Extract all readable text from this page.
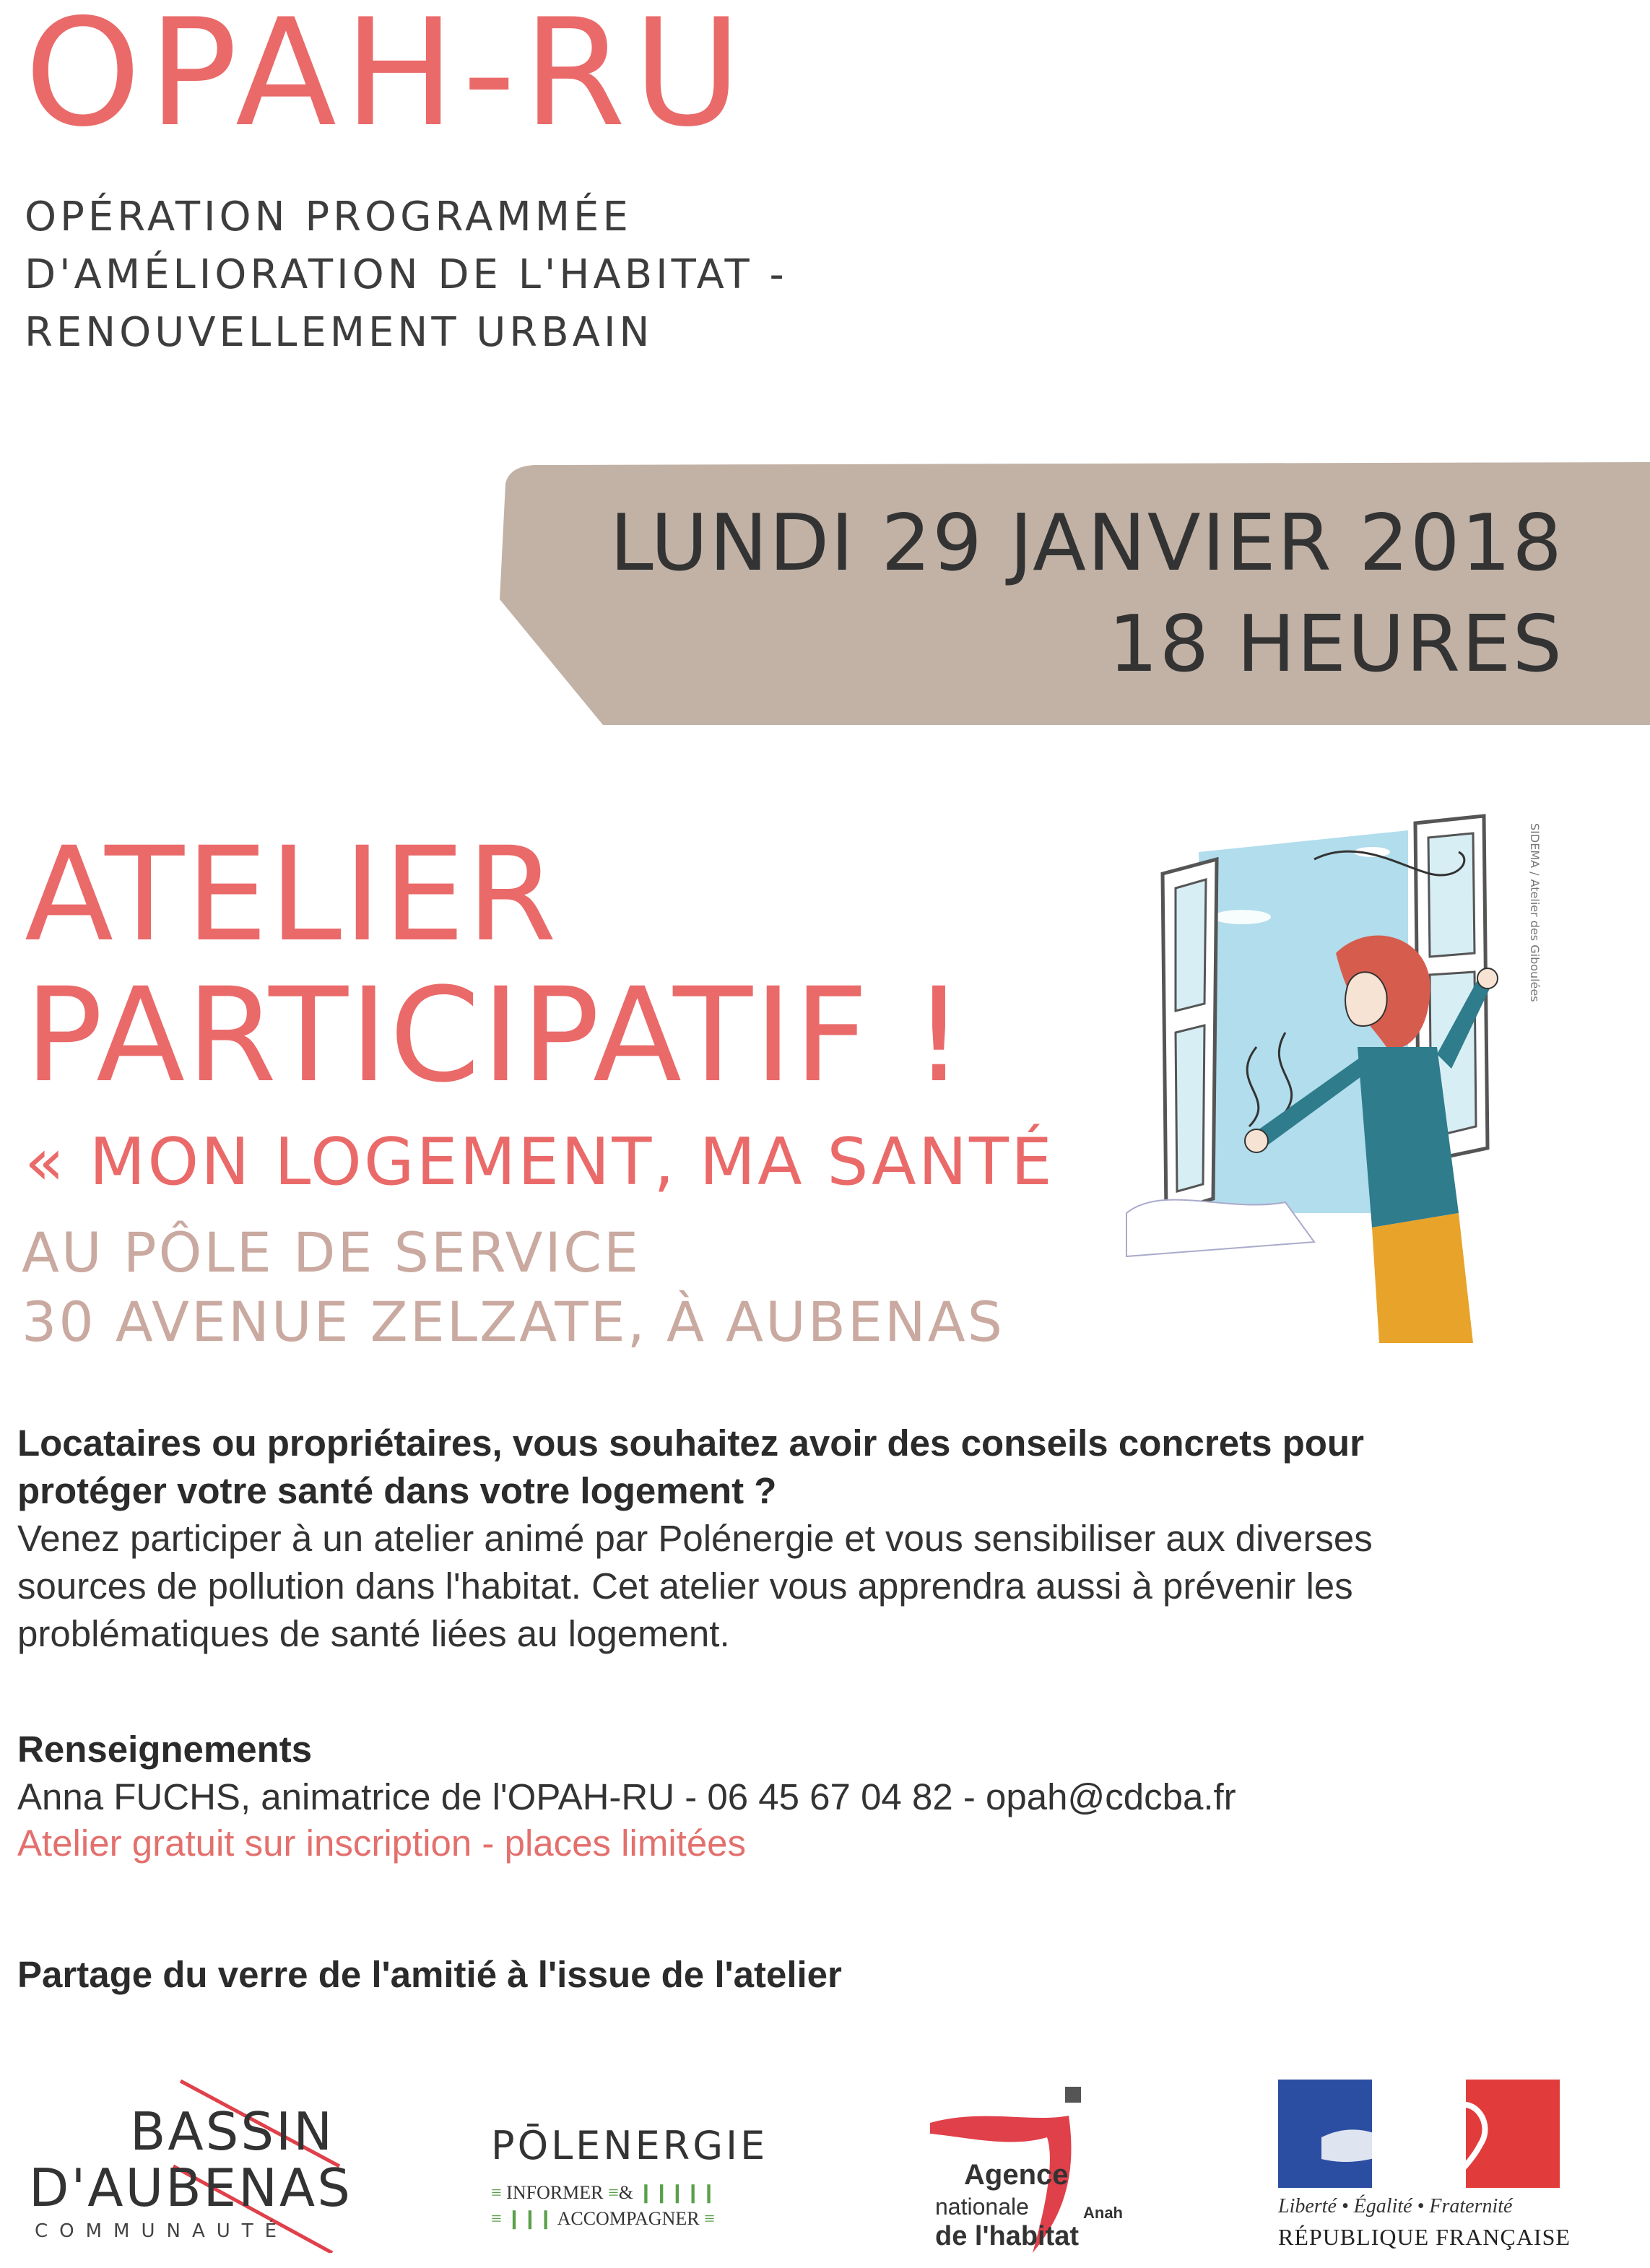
OPAH-RU
OPÉRATION PROGRAMMÉE
D'AMÉLIORATION DE L'HABITAT -
RENOUVELLEMENT URBAIN
LUNDI 29 JANVIER 2018
18 HEURES
ATELIER
PARTICIPATIF !
« MON LOGEMENT, MA SANTÉ
AU PÔLE DE SERVICE
30 AVENUE ZELZATE, À AUBENAS
SIDEMA / Atelier des Giboulées
Locataires ou propriétaires, vous souhaitez avoir des conseils concrets pour
protéger votre santé dans votre logement ?
Venez participer à un atelier animé par Polénergie et vous sensibiliser aux diverses
sources de pollution dans l'habitat. Cet atelier vous apprendra aussi à prévenir les
problématiques de santé liées au logement.
Renseignements
Anna FUCHS, animatrice de l'OPAH-RU - 06 45 67 04 82 - opah@cdcba.fr
Atelier gratuit sur inscription - places limitées
Partage du verre de l'amitié à l'issue de l'atelier
BASSIN
D'AUBENAS
COMMUNAUTÉ
PŌLENERGIE
≡ INFORMER ≡& ❙❙❙❙❙
≡ ❙❙❙ ACCOMPAGNER ≡
Agence
nationale
de l'habitat
Anah	Liberté • Égalité • Fraternité
RÉPUBLIQUE FRANÇAISE
